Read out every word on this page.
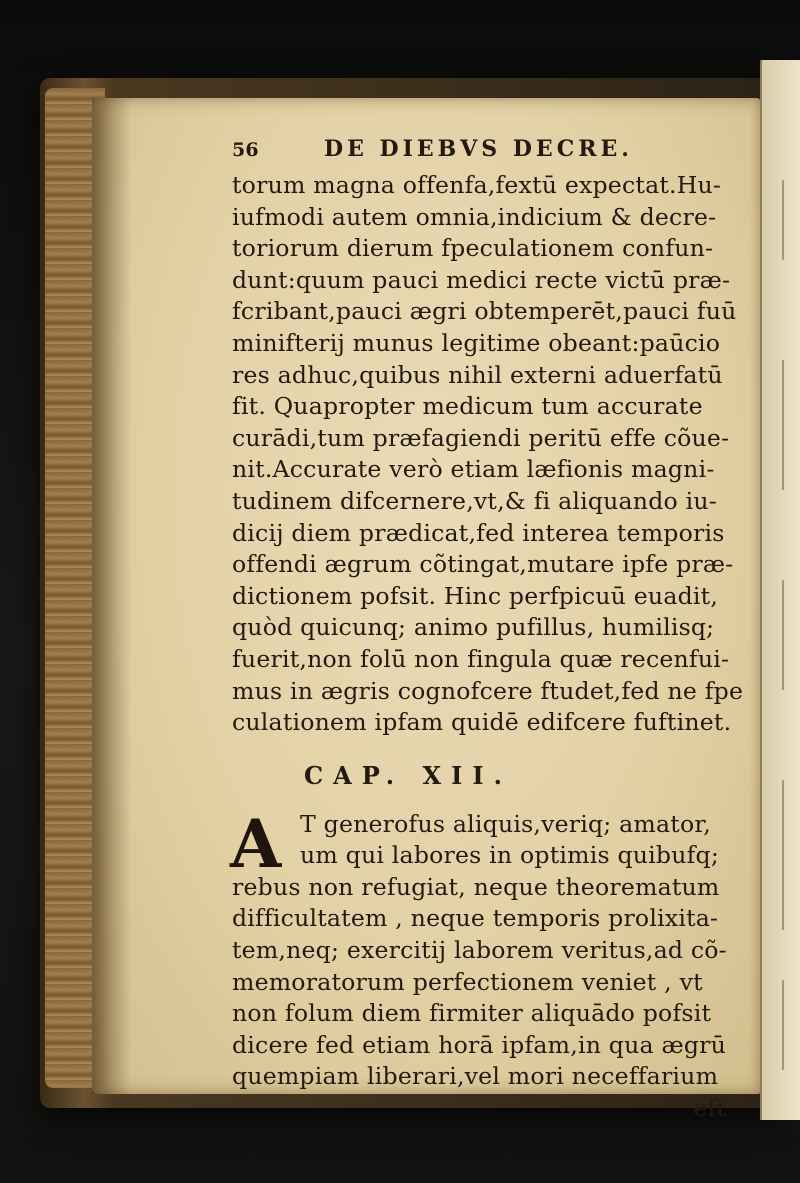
56	DE DIEBVS DECRE.
torum magna offenfa,fextū expectat.Hu-
iufmodi autem omnia,indicium & decre-
toriorum dierum fpeculationem confun-
dunt:quum pauci medici recte victū præ-
fcribant,pauci ægri obtemperēt,pauci fuū
minifterij munus legitime obeant:paūcio
res adhuc,quibus nihil externi aduerfatū
fit. Quapropter medicum tum accurate
curādi,tum præfagiendi peritū effe cõue-
nit.Accurate verò etiam læfionis magni-
tudinem difcernere,vt,& fi aliquando iu-
dicij diem prædicat,fed interea temporis
offendi ægrum cõtingat,mutare ipfe præ-
dictionem pofsit. Hinc perfpicuū euadit,
quòd quicunq; animo pufillus, humilisq;
fuerit,non folū non fingula quæ recenfui-
mus in ægris cognofcere ftudet,fed ne fpe
culationem ipfam quidē edifcere fuftinet.
CAP. XII.
A T generofus aliquis,veriq; amator,
um qui labores in optimis quibufq;
rebus non refugiat, neque theorematum
difficultatem , neque temporis prolixita-
tem,neq; exercitij laborem veritus,ad cõ-
memoratorum perfectionem veniet , vt
non folum diem firmiter aliquādo pofsit
dicere fed etiam horā ipfam,in qua ægrū
quempiam liberari,vel mori neceffarium
eft
